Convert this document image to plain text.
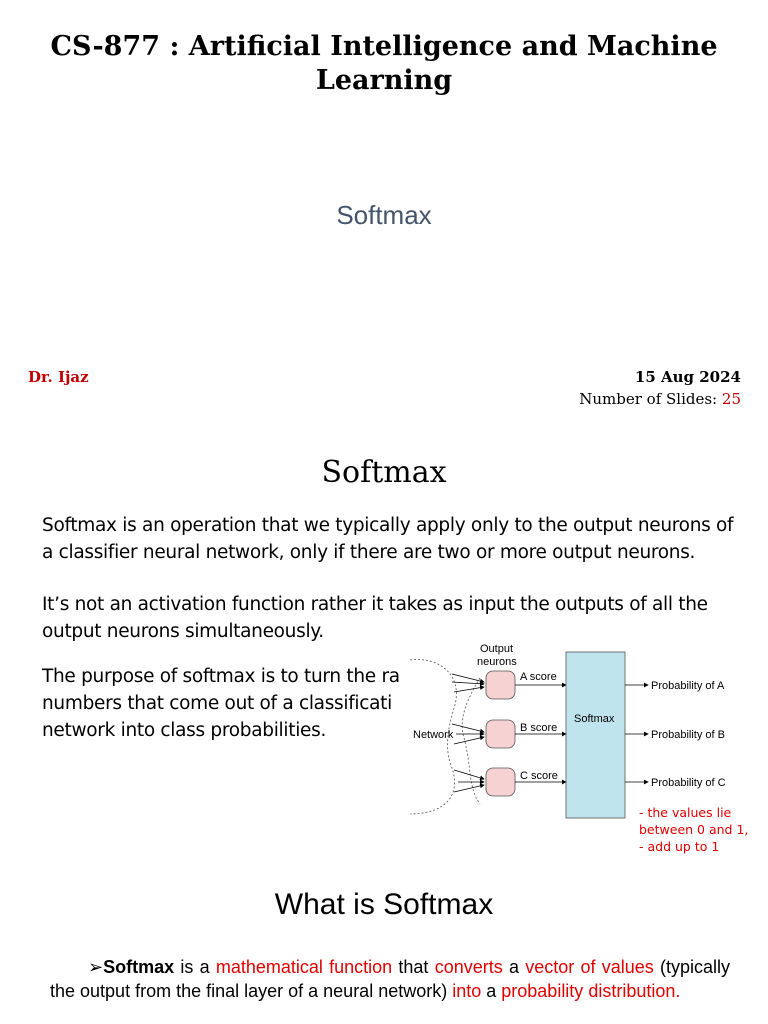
CS-877 : Artificial Intelligence and Machine Learning
Softmax
Dr. Ijaz	15 Aug 2024
Number of Slides: 25
Softmax
Softmax is an operation that we typically apply only to the output neurons of a classifier neural network, only if there are two or more output neurons.
It’s not an activation function rather it takes as input the outputs of all the output neurons simultaneously.
The purpose of softmax is to turn the ra
numbers that come out of a classificati
network into class probabilities.	Network
Output
neurons
A score
B score
C score
Softmax
Probability of A
Probability of B
Probability of C
- the values lie
between 0 and 1,
- add up to 1
What is Softmax
➢Softmax is a mathematical function that converts a vector of values (typically the output from the final layer of a neural network) into a probability distribution.
